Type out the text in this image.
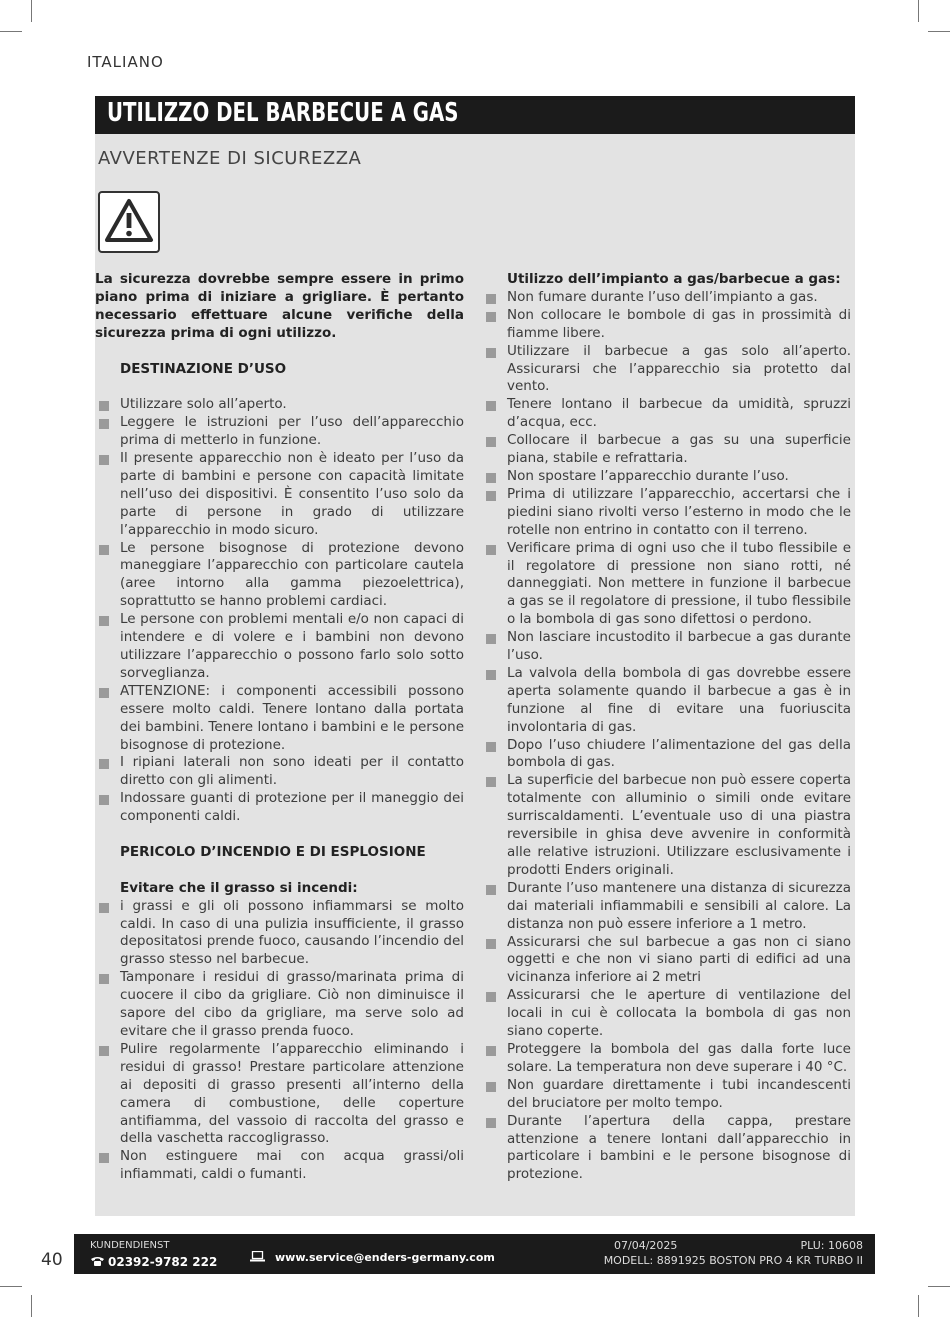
ITALIANO
UTILIZZO DEL BARBECUE A GAS
AVVERTENZE DI SICUREZZA

La sicurezza dovrebbe sempre essere in primo piano prima di iniziare a grigliare. È pertanto necessario effettuare alcune verifiche della sicurezza prima di ogni utilizzo.

DESTINAZIONE D’USO

Utilizzare solo all’aperto.

Leggere le istruzioni per l’uso dell’apparecchio prima di metterlo in funzione.

Il presente apparecchio non è ideato per l’uso da parte di bambini e persone con capacità limitate nell’uso dei dispositivi. È consentito l’uso solo da parte di persone in grado di utilizzare l’apparecchio in modo sicuro.

Le persone bisognose di protezione devono maneggiare l’apparecchio con particolare cautela (aree intorno alla gamma piezoelettrica), soprattutto se hanno problemi cardiaci.

Le persone con problemi mentali e/o non capaci di intendere e di volere e i bambini non devono utilizzare l’apparecchio o possono farlo solo sotto sorveglianza.

ATTENZIONE: i componenti accessibili possono essere molto caldi. Tenere lontano dalla portata dei bambini. Tenere lontano i bambini e le persone bisognose di protezione.

I ripiani laterali non sono ideati per il contatto diretto con gli alimenti.

Indossare guanti di protezione per il maneggio dei componenti caldi.

PERICOLO D’INCENDIO E DI ESPLOSIONE

Evitare che il grasso si incendi:

i grassi e gli oli possono infiammarsi se molto caldi. In caso di una pulizia insufficiente, il grasso depositatosi prende fuoco, causando l’incendio del grasso stesso nel barbecue.

Tamponare i residui di grasso/marinata prima di cuocere il cibo da grigliare. Ciò non diminuisce il sapore del cibo da grigliare, ma serve solo ad evitare che il grasso prenda fuoco.

Pulire regolarmente l’apparecchio eliminando i residui di grasso! Prestare particolare attenzione ai depositi di grasso presenti all’interno della camera di combustione, delle coperture antifiamma, del vassoio di raccolta del grasso e della vaschetta raccogligrasso.

Non estinguere mai con acqua grassi/oli infiammati, caldi o fumanti.

Utilizzo dell’impianto a gas/barbecue a gas:

Non fumare durante l’uso dell’impianto a gas.

Non collocare le bombole di gas in prossimità di fiamme libere.

Utilizzare il barbecue a gas solo all’aperto. Assicurarsi che l’apparecchio sia protetto dal vento.

Tenere lontano il barbecue da umidità, spruzzi d’acqua, ecc.

Collocare il barbecue a gas su una superficie piana, stabile e refrattaria.

Non spostare l’apparecchio durante l’uso.

Prima di utilizzare l’apparecchio, accertarsi che i piedini siano rivolti verso l’esterno in modo che le rotelle non entrino in contatto con il terreno.

Verificare prima di ogni uso che il tubo flessibile e il regolatore di pressione non siano rotti, né danneggiati. Non mettere in funzione il barbecue a gas se il regolatore di pressione, il tubo flessibile o la bombola di gas sono difettosi o perdono.

Non lasciare incustodito il barbecue a gas durante l’uso.

La valvola della bombola di gas dovrebbe essere aperta solamente quando il barbecue a gas è in funzione al fine di evitare una fuoriuscita involontaria di gas.

Dopo l’uso chiudere l’alimentazione del gas della bombola di gas.

La superficie del barbecue non può essere coperta totalmente con alluminio o simili onde evitare surriscaldamenti. L’eventuale uso di una piastra reversibile in ghisa deve avvenire in conformità alle relative istruzioni. Utilizzare esclusivamente i prodotti Enders originali.

Durante l’uso mantenere una distanza di sicurezza dai materiali infiammabili e sensibili al calore. La distanza non può essere inferiore a 1 metro.

Assicurarsi che sul barbecue a gas non ci siano oggetti e che non vi siano parti di edifici ad una vicinanza inferiore ai 2 metri

Assicurarsi che le aperture di ventilazione del locali in cui è collocata la bombola di gas non siano coperte.

Proteggere la bombola del gas dalla forte luce solare. La temperatura non deve superare i 40 °C.

Non guardare direttamente i tubi incandescenti del bruciatore per molto tempo.

Durante l’apertura della cappa, prestare attenzione a tenere lontani dall’apparecchio in particolare i bambini e le persone bisognose di protezione.

40
KUNDENDIENST
02392-9782 222	www.service@enders-germany.com
07/04/2025	PLU: 10608
MODELL: 8891925 BOSTON PRO 4 KR TURBO II
